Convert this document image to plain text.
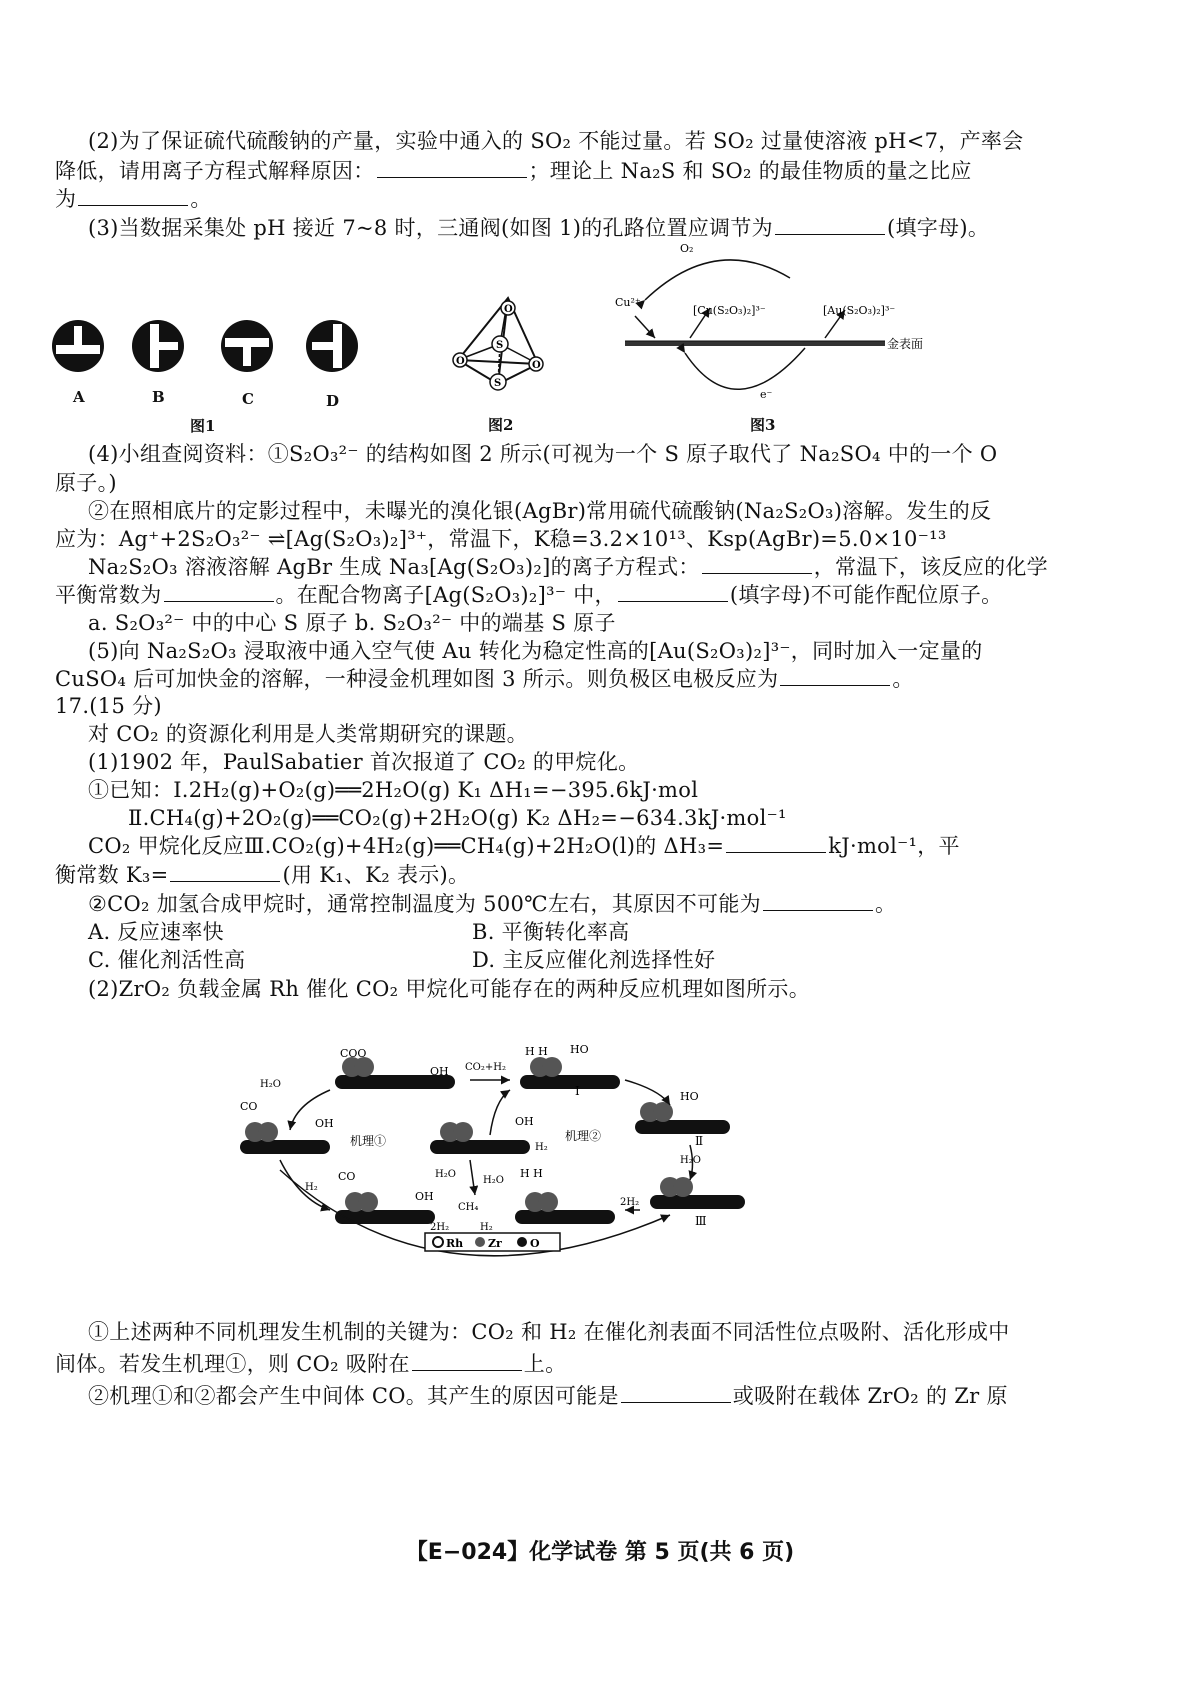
(2)为了保证硫代硫酸钠的产量，实验中通入的 SO₂ 不能过量。若 SO₂ 过量使溶液 pH<7，产率会
降低，请用离子方程式解释原因：	；理论上 Na₂S 和 SO₂ 的最佳物质的量之比应
为	。
(3)当数据采集处 pH 接近 7~8 时，三通阀(如图 1)的孔路位置应调节为	(填字母)。
A	B	C	D
图1
O
S
O	O
S
图2
O₂
Cu²⁺
[Cu(S₂O₃)₂]³⁻	[Au(S₂O₃)₂]³⁻
金表面
e⁻
图3
(4)小组查阅资料：①S₂O₃²⁻ 的结构如图 2 所示(可视为一个 S 原子取代了 Na₂SO₄ 中的一个 O
原子。)
②在照相底片的定影过程中，未曝光的溴化银(AgBr)常用硫代硫酸钠(Na₂S₂O₃)溶解。发生的反
应为：Ag⁺+2S₂O₃²⁻ ⇌[Ag(S₂O₃)₂]³⁺，常温下，K稳=3.2×10¹³、Ksp(AgBr)=5.0×10⁻¹³
Na₂S₂O₃ 溶液溶解 AgBr 生成 Na₃[Ag(S₂O₃)₂]的离子方程式：	，常温下，该反应的化学
平衡常数为	。在配合物离子[Ag(S₂O₃)₂]³⁻ 中，	(填字母)不可能作配位原子。
a. S₂O₃²⁻ 中的中心 S 原子 b. S₂O₃²⁻ 中的端基 S 原子
(5)向 Na₂S₂O₃ 浸取液中通入空气使 Au 转化为稳定性高的[Au(S₂O₃)₂]³⁻，同时加入一定量的
CuSO₄ 后可加快金的溶解，一种浸金机理如图 3 所示。则负极区电极反应为	。
17.(15 分)
对 CO₂ 的资源化利用是人类常期研究的课题。
(1)1902 年，PaulSabatier 首次报道了 CO₂ 的甲烷化。
①已知：Ⅰ.2H₂(g)+O₂(g)══2H₂O(g) K₁ ΔH₁=−395.6kJ·mol
Ⅱ.CH₄(g)+2O₂(g)══CO₂(g)+2H₂O(g) K₂ ΔH₂=−634.3kJ·mol⁻¹
CO₂ 甲烷化反应Ⅲ.CO₂(g)+4H₂(g)══CH₄(g)+2H₂O(l)的 ΔH₃=	kJ·mol⁻¹，平
衡常数 K₃=	(用 K₁、K₂ 表示)。
②CO₂ 加氢合成甲烷时，通常控制温度为 500℃左右，其原因不可能为	。
A. 反应速率快	B. 平衡转化率高
C. 催化剂活性高	D. 主反应催化剂选择性好
(2)ZrO₂ 负载金属 Rh 催化 CO₂ 甲烷化可能存在的两种反应机理如图所示。
COO
OH CO₂+H₂
H H HO
Ⅰ	HO
Ⅱ
H₂O
Ⅲ
H₂O
CO
OH
机理①
OH
H₂
机理②
H₂
CO
OH
H₂O
CH₄
H₂O
2H₂	H₂
H H
2H₂
Rh Zr	O
①上述两种不同机理发生机制的关键为：CO₂ 和 H₂ 在催化剂表面不同活性位点吸附、活化形成中
间体。若发生机理①，则 CO₂ 吸附在	上。
②机理①和②都会产生中间体 CO。其产生的原因可能是	或吸附在载体 ZrO₂ 的 Zr 原
【E−024】化学试卷 第 5 页(共 6 页)
